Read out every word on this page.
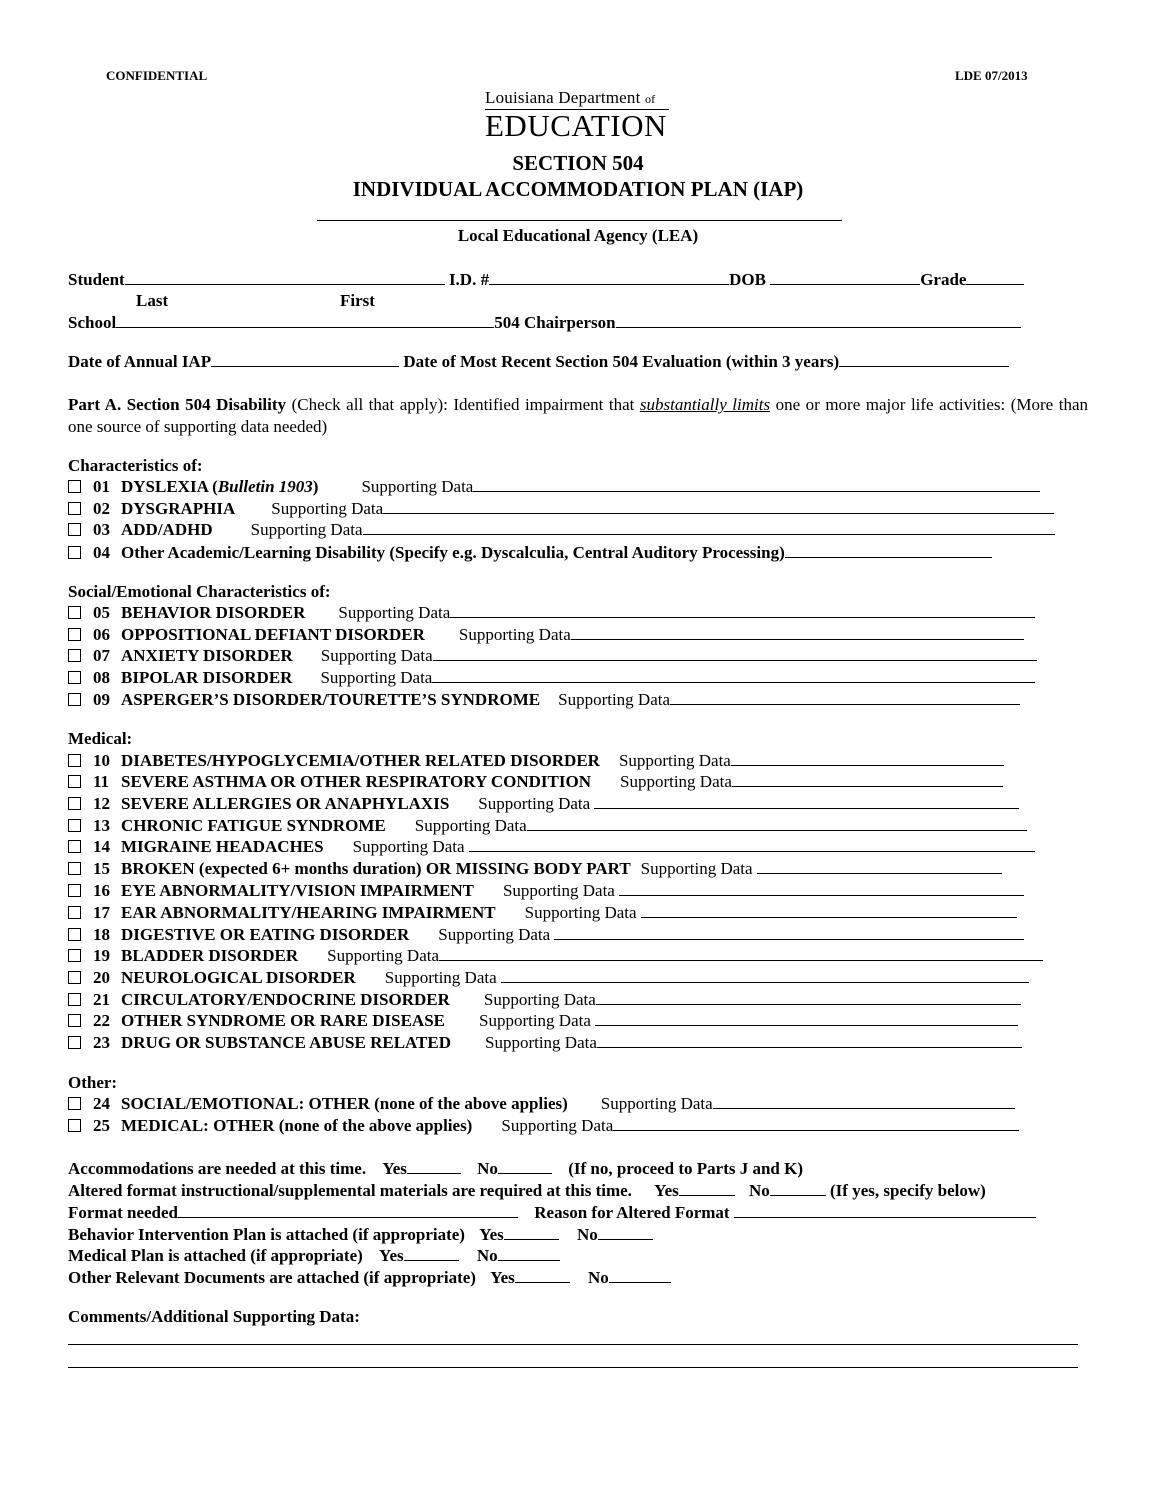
CONFIDENTIAL	LDE 07/2013
Louisiana Department of
EDUCATION
SECTION 504
INDIVIDUAL ACCOMMODATION PLAN (IAP)
Local Educational Agency (LEA)
Student	I.D. #	DOB	Grade
Last	First
School	504 Chairperson
Date of Annual IAP	Date of Most Recent Section 504 Evaluation (within 3 years)
Part A. Section 504 Disability (Check all that apply): Identified impairment that substantially limits one or more major life activities: (More than one source of supporting data needed)
Characteristics of:
01 DYSLEXIA (Bulletin 1903)	Supporting Data
02 DYSGRAPHIA Supporting Data
03 ADD/ADHD Supporting Data
04 Other Academic/Learning Disability (Specify e.g. Dyscalculia, Central Auditory Processing)
Social/Emotional Characteristics of:
05 BEHAVIOR DISORDER Supporting Data
06 OPPOSITIONAL DEFIANT DISORDER Supporting Data
07 ANXIETY DISORDER Supporting Data
08 BIPOLAR DISORDER Supporting Data
09 ASPERGER’S DISORDER/TOURETTE’S SYNDROME Supporting Data
Medical:
10 DIABETES/HYPOGLYCEMIA/OTHER RELATED DISORDER Supporting Data
11 SEVERE ASTHMA OR OTHER RESPIRATORY CONDITION Supporting Data
12 SEVERE ALLERGIES OR ANAPHYLAXIS Supporting Data
13 CHRONIC FATIGUE SYNDROME Supporting Data
14 MIGRAINE HEADACHES Supporting Data
15 BROKEN (expected 6+ months duration) OR MISSING BODY PART Supporting Data
16 EYE ABNORMALITY/VISION IMPAIRMENT Supporting Data
17 EAR ABNORMALITY/HEARING IMPAIRMENT Supporting Data
18 DIGESTIVE OR EATING DISORDER Supporting Data
19 BLADDER DISORDER Supporting Data
20 NEUROLOGICAL DISORDER Supporting Data
21 CIRCULATORY/ENDOCRINE DISORDER Supporting Data
22 OTHER SYNDROME OR RARE DISEASE Supporting Data
23 DRUG OR SUBSTANCE ABUSE RELATED Supporting Data
Other:
24 SOCIAL/EMOTIONAL: OTHER (none of the above applies) Supporting Data
25 MEDICAL: OTHER (none of the above applies) Supporting Data
Accommodations are needed at this time. Yes	No	(If no, proceed to Parts J and K)
Altered format instructional/supplemental materials are required at this time. Yes	No	(If yes, specify below)
Format needed	Reason for Altered Format
Behavior Intervention Plan is attached (if appropriate) Yes	No
Medical Plan is attached (if appropriate) Yes	No
Other Relevant Documents are attached (if appropriate) Yes	No
Comments/Additional Supporting Data:
